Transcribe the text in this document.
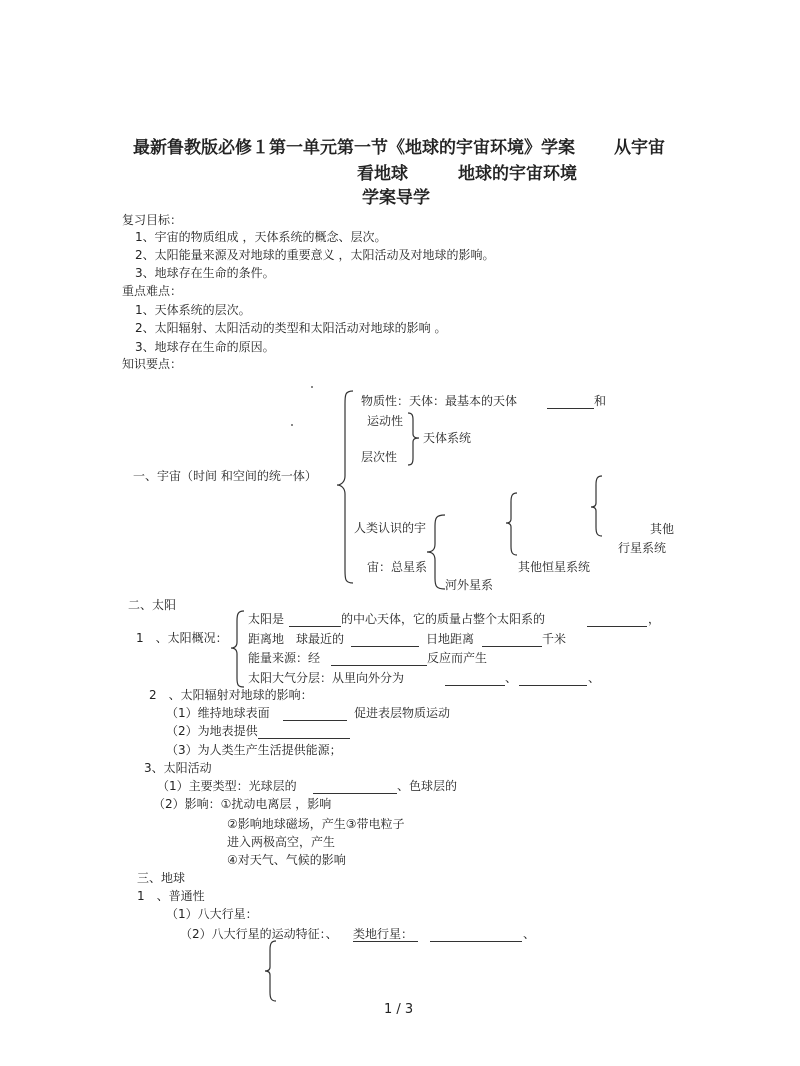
最新鲁教版必修１第一单元第一节《地球的宇宙环境》学案 从宇宙
看地球	地球的宇宙环境
学案导学
复习目标：
1、宇宙的物质组成 ，天体系统的概念、层次。
2、太阳能量来源及对地球的重要意义 ，太阳活动及对地球的影响。
3、地球存在生命的条件。
重点难点：
1、天体系统的层次。
2、太阳辐射、太阳活动的类型和太阳活动对地球的影响 。
3、地球存在生命的原因。
知识要点：
一、宇宙（时间 和空间的统一体）
物质性：天体：最基本的天体	和
运动性
层次性
天体系统
人类认识的宇
宙：总星系
河外星系
其他恒星系统
其他
行星系统
二、太阳
1　、太阳概况：
太阳是	的中心天体，它的质量占整个太阳系的	，
距离地　球最近的	日地距离	千米
能量来源：经	反应而产生
太阳大气分层：从里向外分为	、	、
2　、太阳辐射对地球的影响：
（1）维持地球表面	促进表层物质运动
（2）为地表提供
（3）为人类生产生活提供能源；
3、太阳活动
（1）主要类型：光球层的	、色球层的
（2）影响：①扰动电离层 ，影响
②影响地球磁场，产生③带电粒子
进入两极高空，产生
④对天气、气候的影响
三、地球
1　、普通性
（1）八大行星：
（2）八大行星的运动特征：、 类地行星：	、
1 / 3
